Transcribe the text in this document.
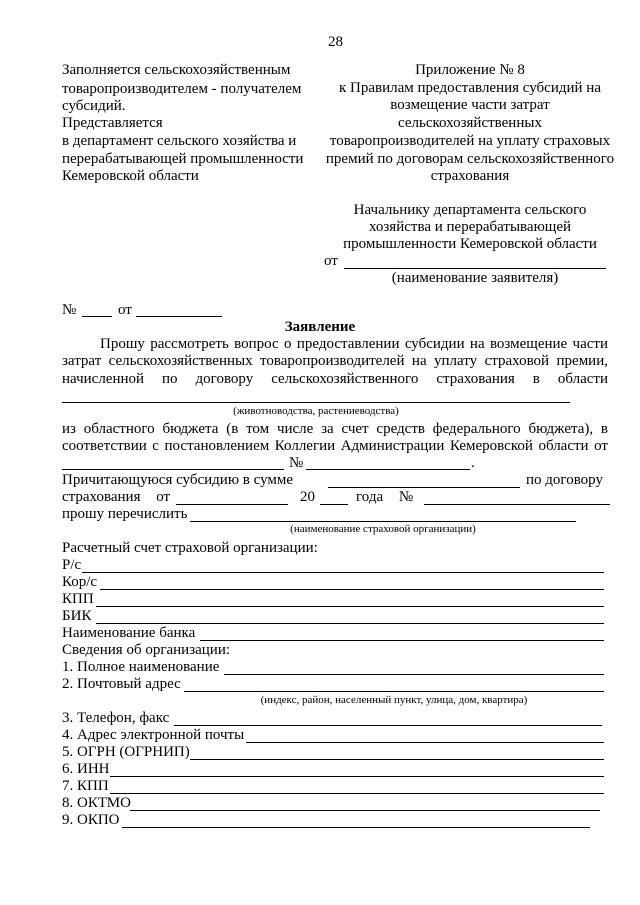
28
Заполняется сельскохозяйственным
товаропроизводителем - получателем
субсидий.
Представляется
в департамент сельского хозяйства и
перерабатывающей промышленности
Кемеровской области
Приложение № 8
к Правилам предоставления субсидий на
возмещение части затрат
сельскохозяйственных
товаропроизводителей на уплату страховых
премий по договорам сельскохозяйственного
страхования
Начальнику департамента сельского
хозяйства и перерабатывающей
промышленности Кемеровской области
от
(наименование заявителя)
№	от
Заявление
Прошу рассмотреть вопрос о предоставлении субсидии на возмещение части
затрат сельскохозяйственных товаропроизводителей на уплату страховой премии,
начисленной по договору сельскохозяйственного страхования в области
(животноводства, растениеводства)
из областного бюджета (в том числе за счет средств федерального бюджета), в
соответствии с постановлением Коллегии Администрации Кемеровской области от
№	.
Причитающуюся субсидию в сумме	по договору
страхования от	20	года №
прошу перечислить
(наименование страховой организации)
Расчетный счет страховой организации:
Р/с
Кор/с
КПП
БИК
Наименование банка
Сведения об организации:
1. Полное наименование
2. Почтовый адрес
(индекс, район, населенный пункт, улица, дом, квартира)
3. Телефон, факс
4. Адрес электронной почты
5. ОГРН (ОГРНИП)
6. ИНН
7. КПП
8. ОКТМО
9. ОКПО
